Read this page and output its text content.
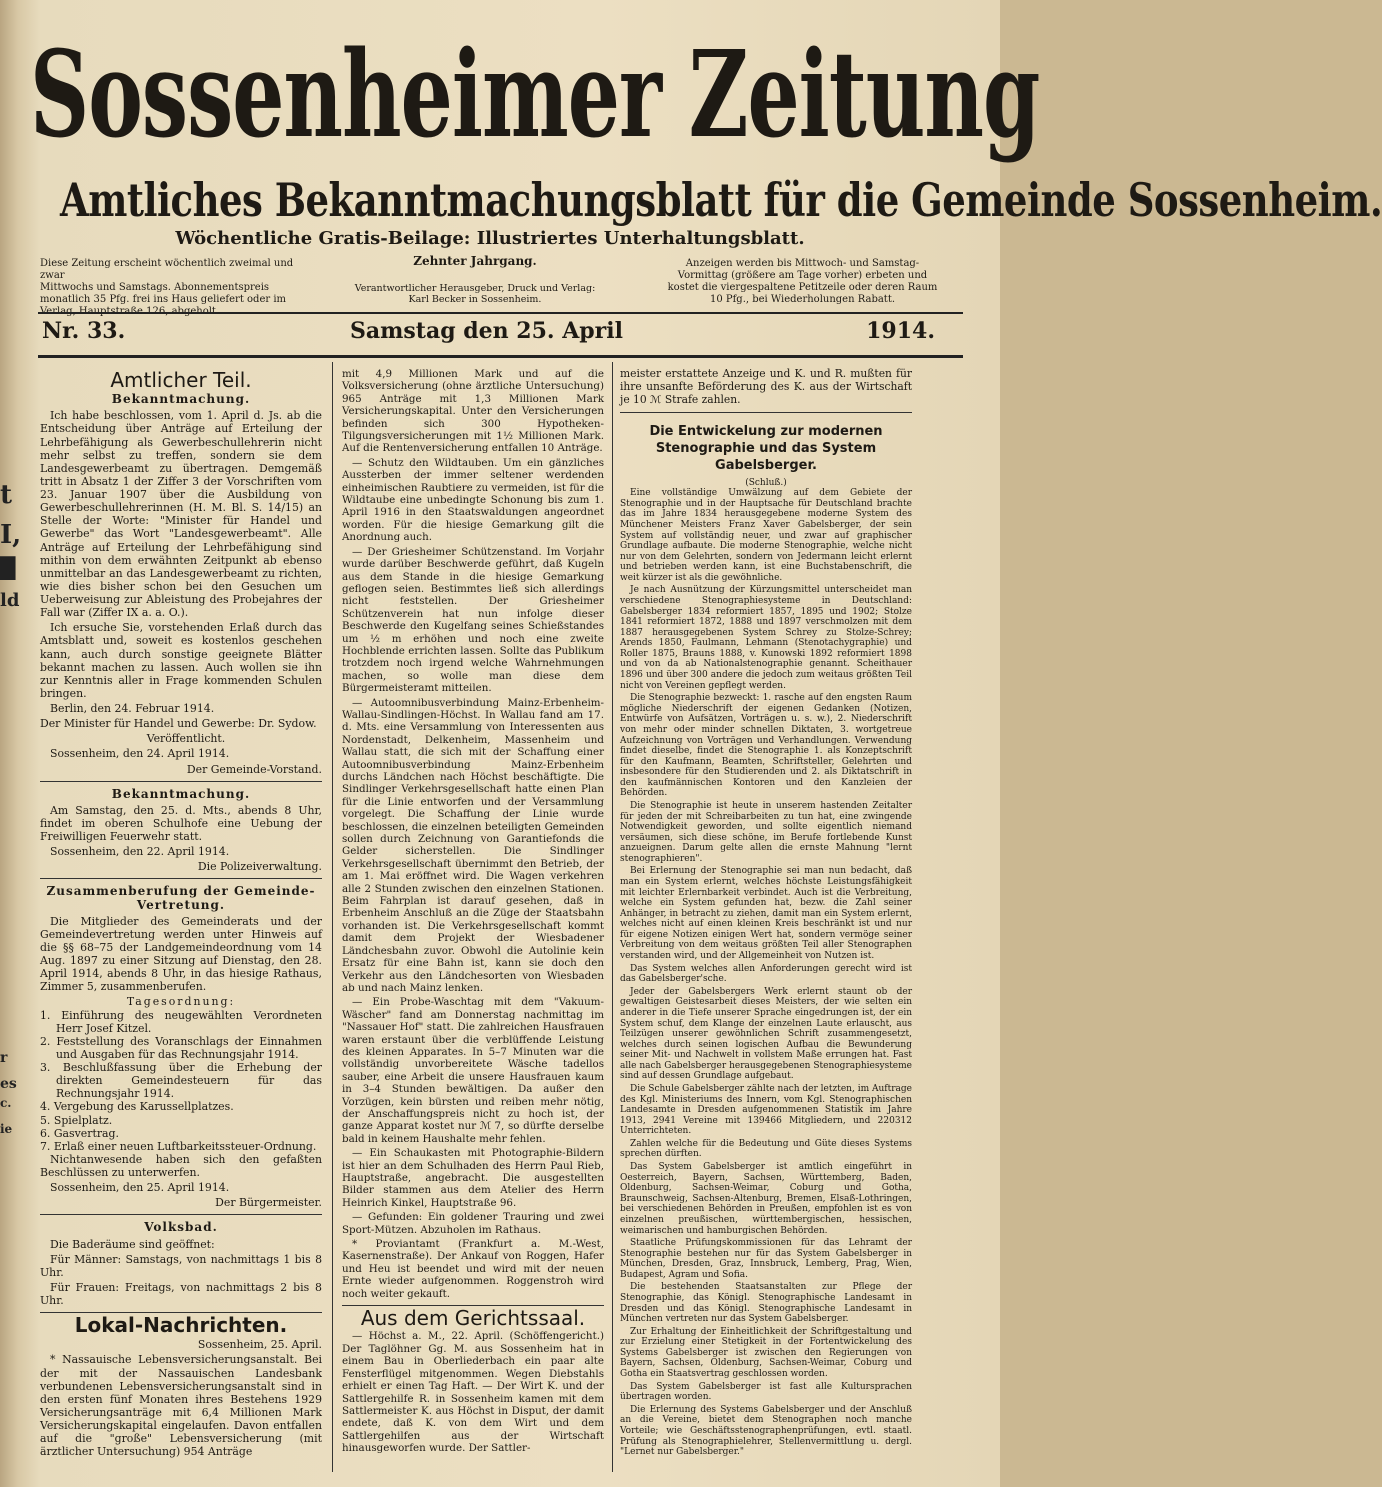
t
I,
█
ld
r
es
c.
ie
Sossenheimer Zeitung
Amtliches Bekanntmachungsblatt für die Gemeinde Sossenheim.
Wöchentliche Gratis-Beilage: Illustriertes Unterhaltungsblatt.
Diese Zeitung erscheint wöchentlich zweimal und zwar
Mittwochs und Samstags. Abonnementspreis
monatlich 35 Pfg. frei ins Haus geliefert oder im

Zehnter Jahrgang.
Verantwortlicher Herausgeber, Druck und Verlag:
Karl Becker in Sossenheim.
Anzeigen werden bis Mittwoch- und Samstag-
Vormittag (größere am Tage vorher) erbeten und
kostet die viergespaltene Petitzeile oder deren Raum
10 Pfg., bei Wiederholungen Rabatt.
Nr. 33.	Samstag den 25. April	1914.
Amtlicher Teil.
Bekanntmachung.

Ich habe beschlossen, vom 1. April d. Js. ab die Entscheidung über Anträge auf Erteilung der Lehrbefähigung als Gewerbeschullehrerin nicht mehr selbst zu treffen, sondern sie dem Landesgewerbeamt zu übertragen. Demgemäß tritt in Absatz 1 der Ziffer 3 der Vorschriften vom 23. Januar 1907 über die Ausbildung von Gewerbeschullehrerinnen (H. M. Bl. S. 14/15) an Stelle der Worte: "Minister für Handel und Gewerbe" das Wort "Landesgewerbeamt". Alle Anträge auf Erteilung der Lehrbefähigung sind mithin von dem erwähnten Zeitpunkt ab ebenso unmittelbar an das Landesgewerbeamt zu richten, wie dies bisher schon bei den Gesuchen um Ueberweisung zur Ableistung des Probejahres der Fall war (Ziffer IX a. a. O.).

Ich ersuche Sie, vorstehenden Erlaß durch das Amtsblatt und, soweit es kostenlos geschehen kann, auch durch sonstige geeignete Blätter bekannt machen zu lassen. Auch wollen sie ihn zur Kenntnis aller in Frage kommenden Schulen bringen.

Berlin, den 24. Februar 1914.

Der Minister für Handel und Gewerbe: Dr. Sydow.

Veröffentlicht.

Sossenheim, den 24. April 1914.

Der Gemeinde-Vorstand.

Bekanntmachung.

Am Samstag, den 25. d. Mts., abends 8 Uhr, findet im oberen Schulhofe eine Uebung der Freiwilligen Feuerwehr statt.

Sossenheim, den 22. April 1914.

Die Polizeiverwaltung.

Zusammenberufung der Gemeinde-Vertretung.

Die Mitglieder des Gemeinderats und der Gemeindevertretung werden unter Hinweis auf die §§ 68–75 der Landgemeindeordnung vom 14 Aug. 1897 zu einer Sitzung auf Dienstag, den 28. April 1914, abends 8 Uhr, in das hiesige Rathaus, Zimmer 5, zusammenberufen.

Tagesordnung:
1. Einführung des neugewählten Verordneten Herr Josef Kitzel.
2. Feststellung des Voranschlags der Einnahmen und Ausgaben für das Rechnungsjahr 1914.
3. Beschlußfassung über die Erhebung der direkten Gemeindesteuern für das Rechnungsjahr 1914.
4. Vergebung des Karussellplatzes.
5. Spielplatz.
6. Gasvertrag.
7. Erlaß einer neuen Luftbarkeitssteuer-Ordnung.

Nichtanwesende haben sich den gefaßten Beschlüssen zu unterwerfen.

Sossenheim, den 25. April 1914.

Der Bürgermeister.

Volksbad.

Die Baderäume sind geöffnet:

Für Männer: Samstags, von nachmittags 1 bis 8 Uhr.

Für Frauen: Freitags, von nachmittags 2 bis 8 Uhr.

Lokal-Nachrichten.

Sossenheim, 25. April.

* Nassauische Lebensversicherungsanstalt. Bei der mit der Nassauischen Landesbank verbundenen Lebensversicherungsanstalt sind in den ersten fünf Monaten ihres Bestehens 1929 Versicherungsanträge mit 6,4 Millionen Mark Versicherungskapital eingelaufen. Davon entfallen auf die "große" Lebensversicherung (mit ärztlicher Untersuchung) 954 Anträge

mit 4,9 Millionen Mark und auf die Volksversicherung (ohne ärztliche Untersuchung) 965 Anträge mit 1,3 Millionen Mark Versicherungskapital. Unter den Versicherungen befinden sich 300 Hypotheken-Tilgungsversicherungen mit 1½ Millionen Mark. Auf die Rentenversicherung entfallen 10 Anträge.

— Schutz den Wildtauben. Um ein gänzliches Aussterben der immer seltener werdenden einheimischen Raubtiere zu vermeiden, ist für die Wildtaube eine unbedingte Schonung bis zum 1. April 1916 in den Staatswaldungen angeordnet worden. Für die hiesige Gemarkung gilt die Anordnung auch.

— Der Griesheimer Schützenstand. Im Vorjahr wurde darüber Beschwerde geführt, daß Kugeln aus dem Stande in die hiesige Gemarkung geflogen seien. Bestimmtes ließ sich allerdings nicht feststellen. Der Griesheimer Schützenverein hat nun infolge dieser Beschwerde den Kugelfang seines Schießstandes um ½ m erhöhen und noch eine zweite Hochblende errichten lassen. Sollte das Publikum trotzdem noch irgend welche Wahrnehmungen machen, so wolle man diese dem Bürgermeisteramt mitteilen.

— Autoomnibusverbindung Mainz-Erbenheim-Wallau-Sindlingen-Höchst. In Wallau fand am 17. d. Mts. eine Versammlung von Interessenten aus Nordenstadt, Delkenheim, Massenheim und Wallau statt, die sich mit der Schaffung einer Autoomnibusverbindung Mainz-Erbenheim durchs Ländchen nach Höchst beschäftigte. Die Sindlinger Verkehrsgesellschaft hatte einen Plan für die Linie entworfen und der Versammlung vorgelegt. Die Schaffung der Linie wurde beschlossen, die einzelnen beteiligten Gemeinden sollen durch Zeichnung von Garantiefonds die Gelder sicherstellen. Die Sindlinger Verkehrsgesellschaft übernimmt den Betrieb, der am 1. Mai eröffnet wird. Die Wagen verkehren alle 2 Stunden zwischen den einzelnen Stationen. Beim Fahrplan ist darauf gesehen, daß in Erbenheim Anschluß an die Züge der Staatsbahn vorhanden ist. Die Verkehrsgesellschaft kommt damit dem Projekt der Wiesbadener Ländchesbahn zuvor. Obwohl die Autolinie kein Ersatz für eine Bahn ist, kann sie doch den Verkehr aus den Ländchesorten von Wiesbaden ab und nach Mainz lenken.

— Ein Probe-Waschtag mit dem "Vakuum-Wäscher" fand am Donnerstag nachmittag im "Nassauer Hof" statt. Die zahlreichen Hausfrauen waren erstaunt über die verblüffende Leistung des kleinen Apparates. In 5–7 Minuten war die vollständig unvorbereitete Wäsche tadellos sauber, eine Arbeit die unsere Hausfrauen kaum in 3–4 Stunden bewältigen. Da außer den Vorzügen, kein bürsten und reiben mehr nötig, der Anschaffungspreis nicht zu hoch ist, der ganze Apparat kostet nur ℳ 7, so dürfte derselbe bald in keinem Haushalte mehr fehlen.

— Ein Schaukasten mit Photographie-Bildern ist hier an dem Schulhaden des Herrn Paul Rieb, Hauptstraße, angebracht. Die ausgestellten Bilder stammen aus dem Atelier des Herrn Heinrich Kinkel, Hauptstraße 96.

— Gefunden: Ein goldener Trauring und zwei Sport-Mützen. Abzuholen im Rathaus.

* Proviantamt (Frankfurt a. M.-West, Kasernenstraße). Der Ankauf von Roggen, Hafer und Heu ist beendet und wird mit der neuen Ernte wieder aufgenommen. Roggenstroh wird noch weiter gekauft.

Aus dem Gerichtssaal.

— Höchst a. M., 22. April. (Schöffengericht.) Der Taglöhner Gg. M. aus Sossenheim hat in einem Bau in Oberliederbach ein paar alte Fensterflügel mitgenommen. Wegen Diebstahls erhielt er einen Tag Haft. — Der Wirt K. und der Sattlergehilfe R. in Sossenheim kamen mit dem Sattlermeister K. aus Höchst in Disput, der damit endete, daß K. von dem Wirt und dem Sattlergehilfen aus der Wirtschaft hinausgeworfen wurde. Der Sattler-

meister erstattete Anzeige und K. und R. mußten für ihre unsanfte Beförderung des K. aus der Wirtschaft je 10 ℳ Strafe zahlen.

Die Entwickelung zur modernen Stenographie und das System Gabelsberger.
(Schluß.)

Eine vollständige Umwälzung auf dem Gebiete der Stenographie und in der Hauptsache für Deutschland brachte das im Jahre 1834 herausgegebene moderne System des Münchener Meisters Franz Xaver Gabelsberger, der sein System auf vollständig neuer, und zwar auf graphischer Grundlage aufbaute. Die moderne Stenographie, welche nicht nur von dem Gelehrten, sondern von Jedermann leicht erlernt und betrieben werden kann, ist eine Buchstabenschrift, die weit kürzer ist als die gewöhnliche.

Je nach Ausnützung der Kürzungsmittel unterscheidet man verschiedene Stenographiesysteme in Deutschland: Gabelsberger 1834 reformiert 1857, 1895 und 1902; Stolze 1841 reformiert 1872, 1888 und 1897 verschmolzen mit dem 1887 herausgegebenen System Schrey zu Stolze-Schrey; Arends 1850, Faulmann, Lehmann (Stenotachygraphie) und Roller 1875, Brauns 1888, v. Kunowski 1892 reformiert 1898 und von da ab Nationalstenographie genannt. Scheithauer 1896 und über 300 andere die jedoch zum weitaus größten Teil nicht von Vereinen gepflegt werden.

Die Stenographie bezweckt: 1. rasche auf den engsten Raum mögliche Niederschrift der eigenen Gedanken (Notizen, Entwürfe von Aufsätzen, Vorträgen u. s. w.), 2. Niederschrift von mehr oder minder schnellen Diktaten, 3. wortgetreue Aufzeichnung von Vorträgen und Verhandlungen. Verwendung findet dieselbe, findet die Stenographie 1. als Konzeptschrift für den Kaufmann, Beamten, Schriftsteller, Gelehrten und insbesondere für den Studierenden und 2. als Diktatschrift in den kaufmännischen Kontoren und den Kanzleien der Behörden.

Die Stenographie ist heute in unserem hastenden Zeitalter für jeden der mit Schreibarbeiten zu tun hat, eine zwingende Notwendigkeit geworden, und sollte eigentlich niemand versäumen, sich diese schöne, im Berufe fortlebende Kunst anzueignen. Darum gelte allen die ernste Mahnung "lernt stenographieren".

Bei Erlernung der Stenographie sei man nun bedacht, daß man ein System erlernt, welches höchste Leistungsfähigkeit mit leichter Erlernbarkeit verbindet. Auch ist die Verbreitung, welche ein System gefunden hat, bezw. die Zahl seiner Anhänger, in betracht zu ziehen, damit man ein System erlernt, welches nicht auf einen kleinen Kreis beschränkt ist und nur für eigene Notizen einigen Wert hat, sondern vermöge seiner Verbreitung von dem weitaus größten Teil aller Stenographen verstanden wird, und der Allgemeinheit von Nutzen ist.

Das System welches allen Anforderungen gerecht wird ist das Gabelsberger'sche.

Jeder der Gabelsbergers Werk erlernt staunt ob der gewaltigen Geistesarbeit dieses Meisters, der wie selten ein anderer in die Tiefe unserer Sprache eingedrungen ist, der ein System schuf, dem Klange der einzelnen Laute erlauscht, aus Teilzügen unserer gewöhnlichen Schrift zusammengesetzt, welches durch seinen logischen Aufbau die Bewunderung seiner Mit- und Nachwelt in vollstem Maße errungen hat. Fast alle nach Gabelsberger herausgegebenen Stenographiesysteme sind auf dessen Grundlage aufgebaut.

Die Schule Gabelsberger zählte nach der letzten, im Auftrage des Kgl. Ministeriums des Innern, vom Kgl. Stenographischen Landesamte in Dresden aufgenommenen Statistik im Jahre 1913, 2941 Vereine mit 139466 Mitgliedern, und 220312 Unterrichteten.

Zahlen welche für die Bedeutung und Güte dieses Systems sprechen dürften.

Das System Gabelsberger ist amtlich eingeführt in Oesterreich, Bayern, Sachsen, Württemberg, Baden, Oldenburg, Sachsen-Weimar, Coburg und Gotha, Braunschweig, Sachsen-Altenburg, Bremen, Elsaß-Lothringen, bei verschiedenen Behörden in Preußen, empfohlen ist es von einzelnen preußischen, württembergischen, hessischen, weimarischen und hamburgischen Behörden.

Staatliche Prüfungskommissionen für das Lehramt der Stenographie bestehen nur für das System Gabelsberger in München, Dresden, Graz, Innsbruck, Lemberg, Prag, Wien, Budapest, Agram und Sofia.

Die bestehenden Staatsanstalten zur Pflege der Stenographie, das Königl. Stenographische Landesamt in Dresden und das Königl. Stenographische Landesamt in München vertreten nur das System Gabelsberger.

Zur Erhaltung der Einheitlichkeit der Schriftgestaltung und zur Erzielung einer Stetigkeit in der Fortentwickelung des Systems Gabelsberger ist zwischen den Regierungen von Bayern, Sachsen, Oldenburg, Sachsen-Weimar, Coburg und Gotha ein Staatsvertrag geschlossen worden.

Das System Gabelsberger ist fast alle Kultursprachen übertragen worden.

Die Erlernung des Systems Gabelsberger und der Anschluß an die Vereine, bietet dem Stenographen noch manche Vorteile; wie Geschäftsstenographenprüfungen, evtl. staatl. Prüfung als Stenographielehrer, Stellenvermittlung u. dergl. "Lernet nur Gabelsberger."
